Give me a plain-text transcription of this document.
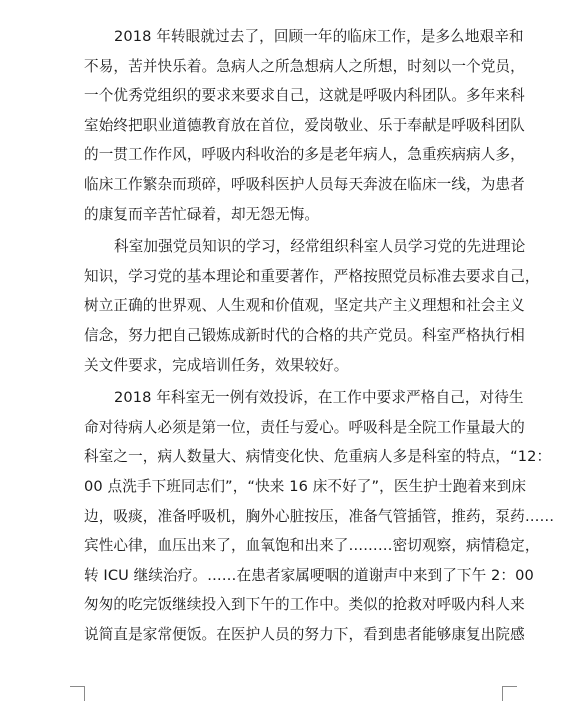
2018 年转眼就过去了，回顾一年的临床工作，是多么地艰辛和
不易，苦并快乐着。急病人之所急想病人之所想，时刻以一个党员，
一个优秀党组织的要求来要求自己，这就是呼吸内科团队。多年来科
室始终把职业道德教育放在首位，爱岗敬业、乐于奉献是呼吸科团队
的一贯工作作风，呼吸内科收治的多是老年病人，急重疾病病人多，
临床工作繁杂而琐碎，呼吸科医护人员每天奔波在临床一线，为患者
的康复而辛苦忙碌着，却无怨无悔。
科室加强党员知识的学习，经常组织科室人员学习党的先进理论
知识，学习党的基本理论和重要著作，严格按照党员标准去要求自己，
树立正确的世界观、人生观和价值观，坚定共产主义理想和社会主义
信念，努力把自己锻炼成新时代的合格的共产党员。科室严格执行相
关文件要求，完成培训任务，效果较好。
2018 年科室无一例有效投诉，在工作中要求严格自己，对待生
命对待病人必须是第一位，责任与爱心。呼吸科是全院工作量最大的
科室之一，病人数量大、病情变化快、危重病人多是科室的特点，“12：
00 点洗手下班同志们”，“快来 16 床不好了”，医生护士跑着来到床
边，吸痰，准备呼吸机，胸外心脏按压，准备气管插管，推药，泵药……
宾性心律，血压出来了，血氧饱和出来了………密切观察，病情稳定，
转 ICU 继续治疗。……在患者家属哽咽的道谢声中来到了下午 2：00
匆匆的吃完饭继续投入到下午的工作中。类似的抢救对呼吸内科人来
说简直是家常便饭。在医护人员的努力下，看到患者能够康复出院感
